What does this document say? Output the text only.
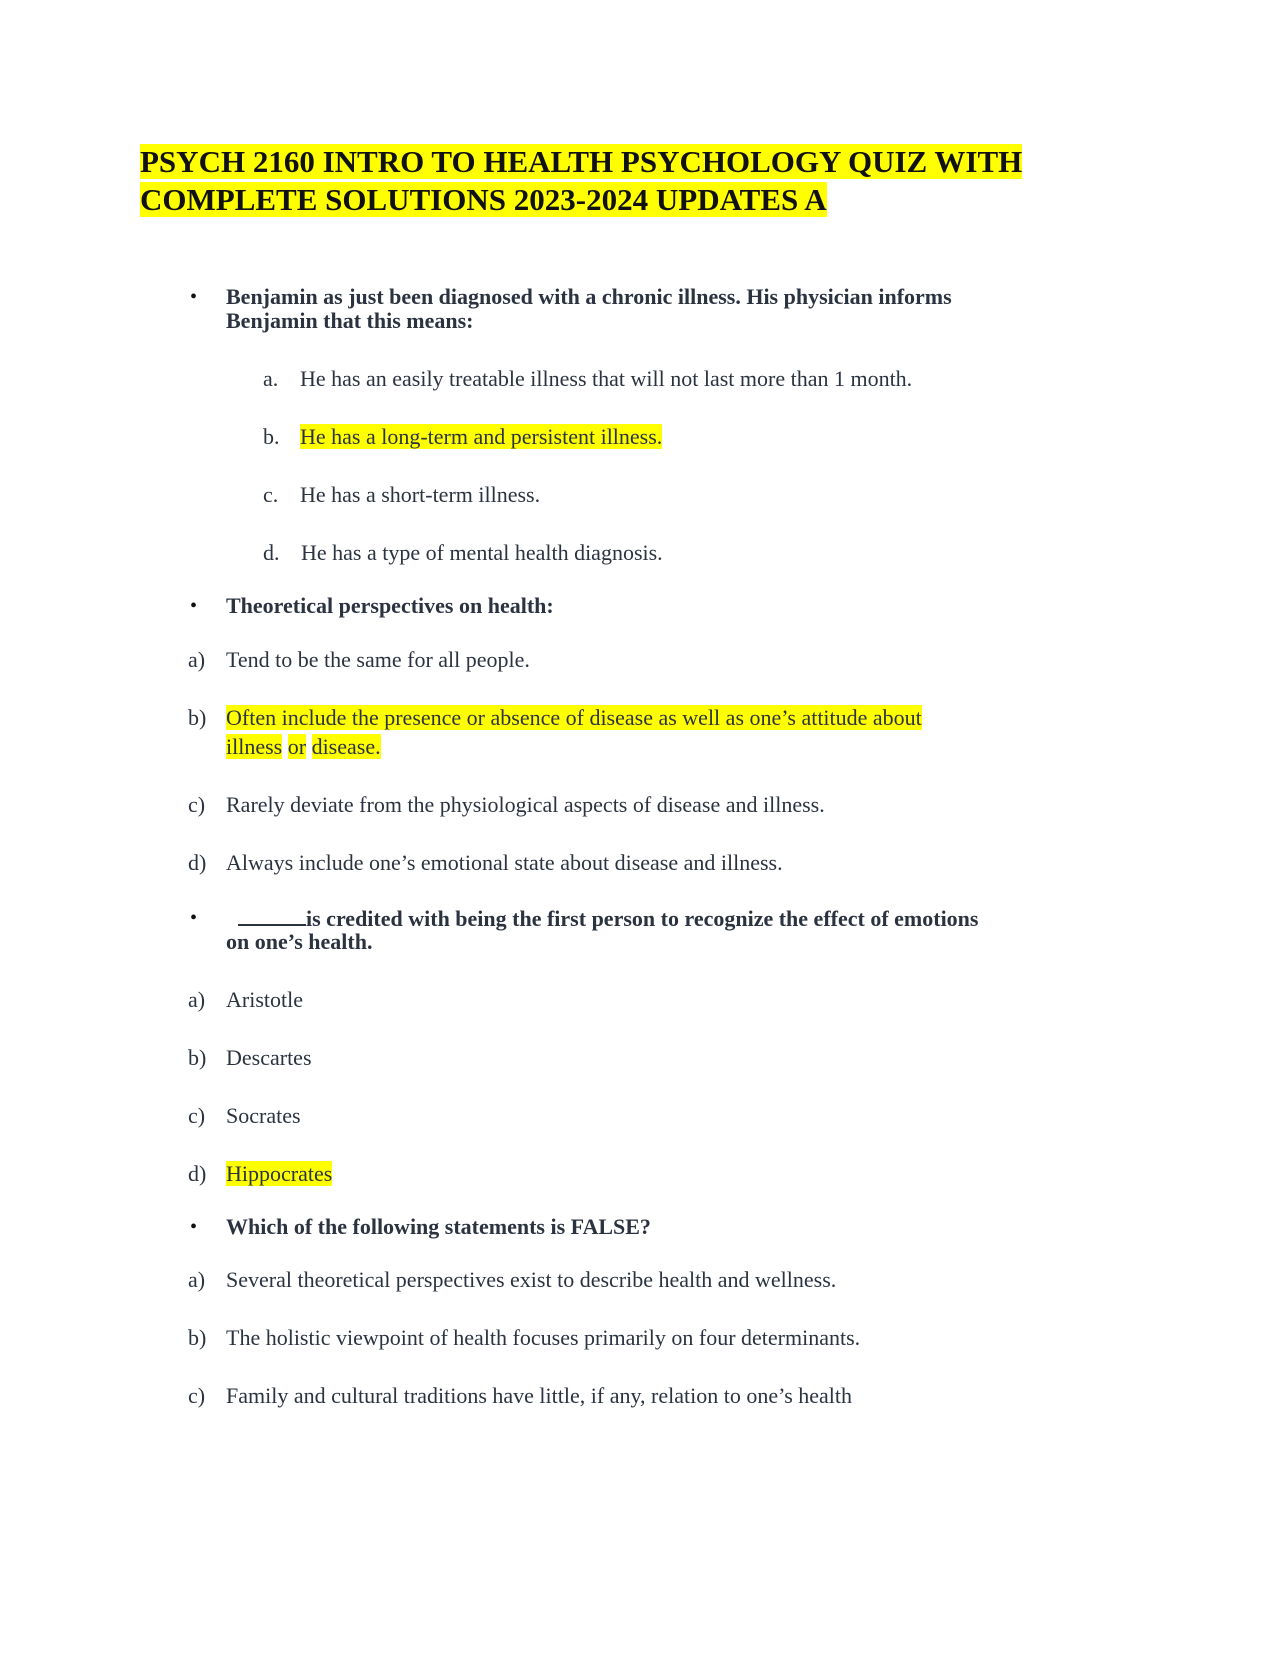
PSYCH 2160 INTRO TO HEALTH PSYCHOLOGY QUIZ WITH
COMPLETE SOLUTIONS 2023-2024 UPDATES A
• Benjamin as just been diagnosed with a chronic illness. His physician informs
Benjamin that this means:
a. He has an easily treatable illness that will not last more than 1 month.
b. He has a long-term and persistent illness.
c. He has a short-term illness.
d. He has a type of mental health diagnosis.
• Theoretical perspectives on health:
a) Tend to be the same for all people.
b) Often include the presence or absence of disease as well as one’s attitude about
illness or disease.
c) Rarely deviate from the physiological aspects of disease and illness.
d) Always include one’s emotional state about disease and illness.
•	is credited with being the first person to recognize the effect of emotions
on one’s health.
a) Aristotle
b) Descartes
c) Socrates
d) Hippocrates
• Which of the following statements is FALSE?
a) Several theoretical perspectives exist to describe health and wellness.
b) The holistic viewpoint of health focuses primarily on four determinants.
c) Family and cultural traditions have little, if any, relation to one’s health
